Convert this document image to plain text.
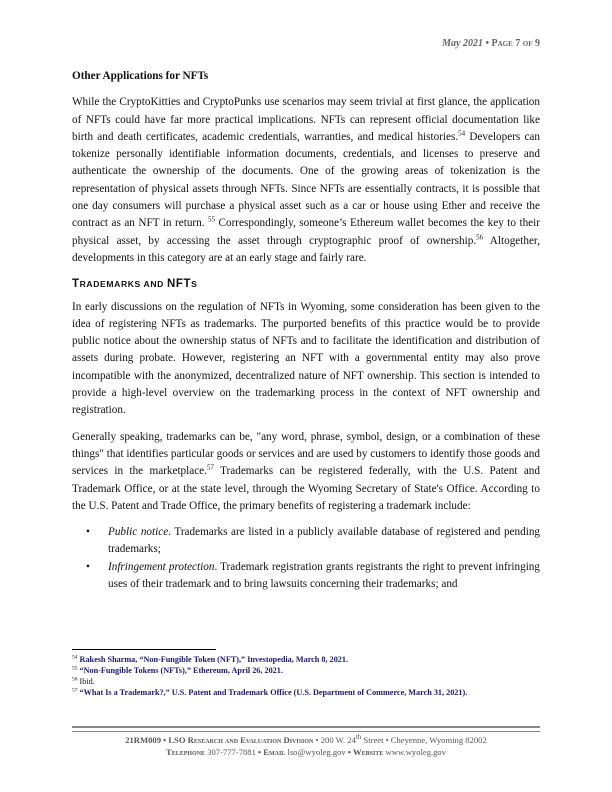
May 2021 • Page 7 of 9
Other Applications for NFTs

While the CryptoKitties and CryptoPunks use scenarios may seem trivial at first glance, the application of NFTs could have far more practical implications. NFTs can represent official documentation like birth and death certificates, academic credentials, warranties, and medical histories.$^{54}$ Developers can tokenize personally identifiable information documents, credentials, and licenses to preserve and authenticate the ownership of the documents. One of the growing areas of tokenization is the representation of physical assets through NFTs. Since NFTs are essentially contracts, it is possible that one day consumers will purchase a physical asset such as a car or house using Ether and receive the contract as an NFT in return. $^{55}$ Correspondingly, someone’s Ethereum wallet becomes the key to their physical asset, by accessing the asset through cryptographic proof of ownership.$^{56}$ Altogether, developments in this category are at an early stage and fairly rare.

TRADEMARKS AND NFTS

In early discussions on the regulation of NFTs in Wyoming, some consideration has been given to the idea of registering NFTs as trademarks. The purported benefits of this practice would be to provide public notice about the ownership status of NFTs and to facilitate the identification and distribution of assets during probate. However, registering an NFT with a governmental entity may also prove incompatible with the anonymized, decentralized nature of NFT ownership. This section is intended to provide a high-level overview on the trademarking process in the context of NFT ownership and registration.

Generally speaking, trademarks can be, "any word, phrase, symbol, design, or a combination of these things" that identifies particular goods or services and are used by customers to identify those goods and services in the marketplace.$^{57}$ Trademarks can be registered federally, with the U.S. Patent and Trademark Office, or at the state level, through the Wyoming Secretary of State's Office. According to the U.S. Patent and Trade Office, the primary benefits of registering a trademark include:

• Public notice. Trademarks are listed in a publicly available database of registered and pending trademarks;
• Infringement protection. Trademark registration grants registrants the right to prevent infringing uses of their trademark and to bring lawsuits concerning their trademarks; and

$^{54}$ Rakesh Sharma, “Non-Fungible Token (NFT),” Investopedia, March 8, 2021.

$^{55}$ “Non-Fungible Tokens (NFTs),” Ethereum, April 26, 2021.

$^{56}$ Ibid.

$^{57}$ “What Is a Trademark?,” U.S. Patent and Trademark Office (U.S. Department of Commerce, March 31, 2021).

21RM009 • LSO Research and Evaluation Division • 200 W. 24th Street • Cheyenne, Wyoming 82002
Telephone 307-777-7881 • Email lso@wyoleg.gov • Website www.wyoleg.gov
